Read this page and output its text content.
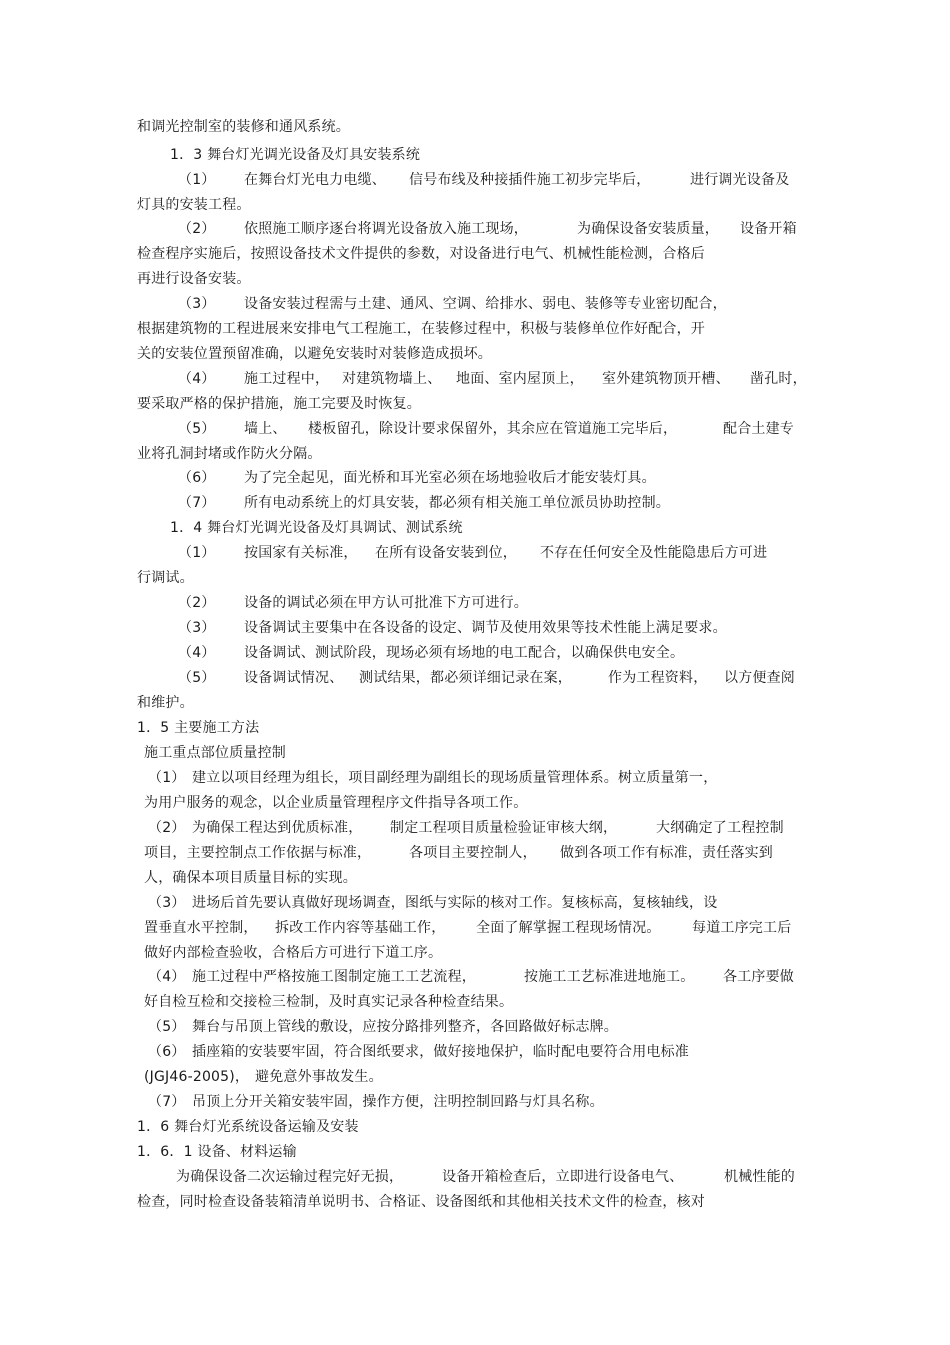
和调光控制室的装修和通风系统。
1．3 舞台灯光调光设备及灯具安装系统
（1） 在舞台灯光电力电缆、 信号布线及种接插件施工初步完毕后，	进行调光设备及
灯具的安装工程。
（2） 依照施工顺序逐台将调光设备放入施工现场，	为确保设备安装质量， 设备开箱
检查程序实施后，按照设备技术文件提供的参数，对设备进行电气、机械性能检测，合格后
再进行设备安装。
（3） 设备安装过程需与土建、通风、空调、给排水、弱电、装修等专业密切配合，
根据建筑物的工程进展来安排电气工程施工，在装修过程中，积极与装修单位作好配合，开
关的安装位置预留准确，以避免安装时对装修造成损坏。
（4） 施工过程中， 对建筑物墙上、 地面、室内屋顶上， 室外建筑物顶开槽、 凿孔时，
要采取严格的保护措施，施工完要及时恢复。
（5） 墙上、 楼板留孔，除设计要求保留外，其余应在管道施工完毕后，	配合土建专
业将孔洞封堵或作防火分隔。
（6） 为了完全起见，面光桥和耳光室必须在场地验收后才能安装灯具。
（7） 所有电动系统上的灯具安装，都必须有相关施工单位派员协助控制。
1．4 舞台灯光调光设备及灯具调试、测试系统
（1） 按国家有关标准， 在所有设备安装到位， 不存在任何安全及性能隐患后方可进
行调试。
（2） 设备的调试必须在甲方认可批准下方可进行。
（3） 设备调试主要集中在各设备的设定、调节及使用效果等技术性能上满足要求。
（4） 设备调试、测试阶段，现场必须有场地的电工配合，以确保供电安全。
（5） 设备调试情况、 测试结果，都必须详细记录在案，	作为工程资料， 以方便查阅
和维护。
1．5 主要施工方法
施工重点部位质量控制
（1） 建立以项目经理为组长，项目副经理为副组长的现场质量管理体系。树立质量第一，
为用户服务的观念，以企业质量管理程序文件指导各项工作。
（2） 为确保工程达到优质标准， 制定工程项目质量检验证审核大纲，	大纲确定了工程控制
项目，主要控制点工作依据与标准，	各项目主要控制人， 做到各项工作有标准，责任落实到
人，确保本项目质量目标的实现。
（3） 进场后首先要认真做好现场调查，图纸与实际的核对工作。复核标高，复核轴线，设
置垂直水平控制， 拆改工作内容等基础工作， 全面了解掌握工程现场情况。 每道工序完工后
做好内部检查验收，合格后方可进行下道工序。
（4） 施工过程中严格按施工图制定施工工艺流程，	按施工工艺标准进地施工。 各工序要做
好自检互检和交接检三检制，及时真实记录各种检查结果。
（5） 舞台与吊顶上管线的敷设，应按分路排列整齐，各回路做好标志牌。
（6） 插座箱的安装要牢固，符合图纸要求，做好接地保护，临时配电要符合用电标准
(JGJ46-2005)， 避免意外事故发生。
（7） 吊顶上分开关箱安装牢固，操作方便，注明控制回路与灯具名称。
1．6 舞台灯光系统设备运输及安装
1．6．1 设备、材料运输
为确保设备二次运输过程完好无损，	设备开箱检查后，立即进行设备电气、	机械性能的
检查，同时检查设备装箱清单说明书、合格证、设备图纸和其他相关技术文件的检查，核对
